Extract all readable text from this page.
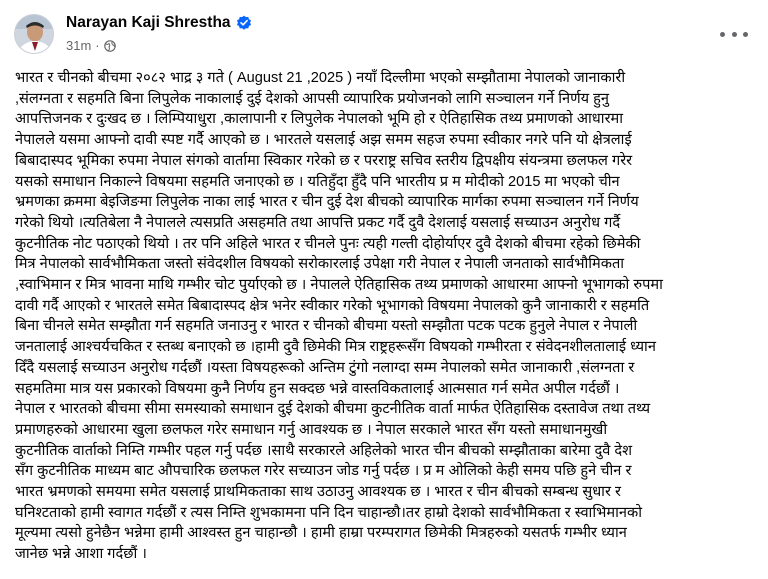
Narayan Kaji Shrestha
31m ·
भारत र चीनको बीचमा २०८२ भाद्र ३ गते ( August 21 ,2025 ) नयाँ दिल्लीमा भएको सम्झौतामा नेपालको जानाकारी
,संलग्नता र सहमति बिना लिपुलेक नाकालाई दुई देशको आपसी व्यापारिक प्रयोजनको लागि सञ्चालन गर्ने निर्णय हुनु
आपत्तिजनक र दुःखद छ । लिम्पियाधुरा ,कालापानी र लिपुलेक नेपालको भूमि हो र ऐतिहासिक तथ्य प्रमाणको आधारमा
नेपालले यसमा आफ्नो दावी स्पष्ट गर्दै आएको छ । भारतले यसलाई अझ समम सहज रुपमा स्वीकार नगरे पनि यो क्षेत्रलाई
बिबादास्पद भूमिका रुपमा नेपाल संगको वार्तामा स्विकार गरेको छ र परराष्ट्र सचिव स्तरीय द्विपक्षीय संयन्त्रमा छलफल गरेर
यसको समाधान निकाल्ने विषयमा सहमति जनाएको छ । यतिहुँदा हुँदै पनि भारतीय प्र म मोदीको 2015 मा भएको चीन
भ्रमणका क्रममा बेइजिङमा लिपुलेक नाका लाई भारत र चीन दुई देश बीचको व्यापारिक मार्गका रुपमा सञ्चालन गर्ने निर्णय
गरेको थियो ।त्यतिबेला नै नेपालले त्यसप्रति असहमति तथा आपत्ति प्रकट गर्दै दुवै देशलाई यसलाई सच्याउन अनुरोध गर्दै
कुटनीतिक नोट पठाएको थियो । तर पनि अहिले भारत र चीनले पुनः त्यही गल्ती दोहोर्याएर दुवै देशको बीचमा रहेको छिमेकी
मित्र नेपालको सार्वभौमिकता जस्तो संवेदशील विषयको सरोकारलाई उपेक्षा गरी नेपाल र नेपाली जनताको सार्वभौमिकता
,स्वाभिमान र मित्र भावना माथि गम्भीर चोट पुर्याएको छ । नेपालले ऐतिहासिक तथ्य प्रमाणको आधारमा आफ्नो भूभागको रुपमा
दावी गर्दै आएको र भारतले समेत बिबादास्पद क्षेत्र भनेर स्वीकार गरेको भूभागको विषयमा नेपालको कुनै जानाकारी र सहमति
बिना चीनले समेत सम्झौता गर्न सहमति जनाउनु र भारत र चीनको बीचमा यस्तो सम्झौता पटक पटक हुनुले नेपाल र नेपाली
जनतालाई आश्चर्यचकित र स्तब्ध बनाएको छ ।हामी दुवै छिमेकी मित्र राष्ट्रहरूसँग विषयको गम्भीरता र संवेदनशीलतालाई ध्यान
दिँदै यसलाई सच्याउन अनुरोध गर्दछौं ।यस्ता विषयहरूको अन्तिम टुंगो नलाग्दा सम्म नेपालको समेत जानाकारी ,संलग्नता र
सहमतिमा मात्र यस प्रकारको विषयमा कुनै निर्णय हुन सक्दछ भन्ने वास्तविकतालाई आत्मसात गर्न समेत अपील गर्दछौं ।
नेपाल र भारतको बीचमा सीमा समस्याको समाधान दुई देशको बीचमा कुटनीतिक वार्ता मार्फत ऐतिहासिक दस्तावेज तथा तथ्य
प्रमाणहरुको आधारमा खुला छलफल गरेर समाधान गर्नु आवश्यक छ । नेपाल सरकाले भारत सँग यस्तो समाधानमुखी
कुटनीतिक वार्ताको निम्ति गम्भीर पहल गर्नु पर्दछ ।साथै सरकारले अहिलेको भारत चीन बीचको सम्झौताका बारेमा दुवै देश
सँग कुटनीतिक माध्यम बाट औपचारिक छलफल गरेर सच्याउन जोड गर्नु पर्दछ । प्र म ओलिको केही समय पछि हुने चीन र
भारत भ्रमणको समयमा समेत यसलाई प्राथमिकताका साथ उठाउनु आवश्यक छ । भारत र चीन बीचको सम्बन्ध सुधार र
घनिश्टताको हामी स्वागत गर्दछौं र त्यस निम्ति शुभकामना पनि दिन चाहान्छौ।तर हाम्रो देशको सार्वभौमिकता र स्वाभिमानको
मूल्यमा त्यसो हुनेछैन भन्नेमा हामी आश्वस्त हुन चाहान्छौ । हामी हाम्रा परम्परागत छिमेकी मित्रहरुको यसतर्फ गम्भीर ध्यान
जानेछ भन्ने आशा गर्दछौं ।
